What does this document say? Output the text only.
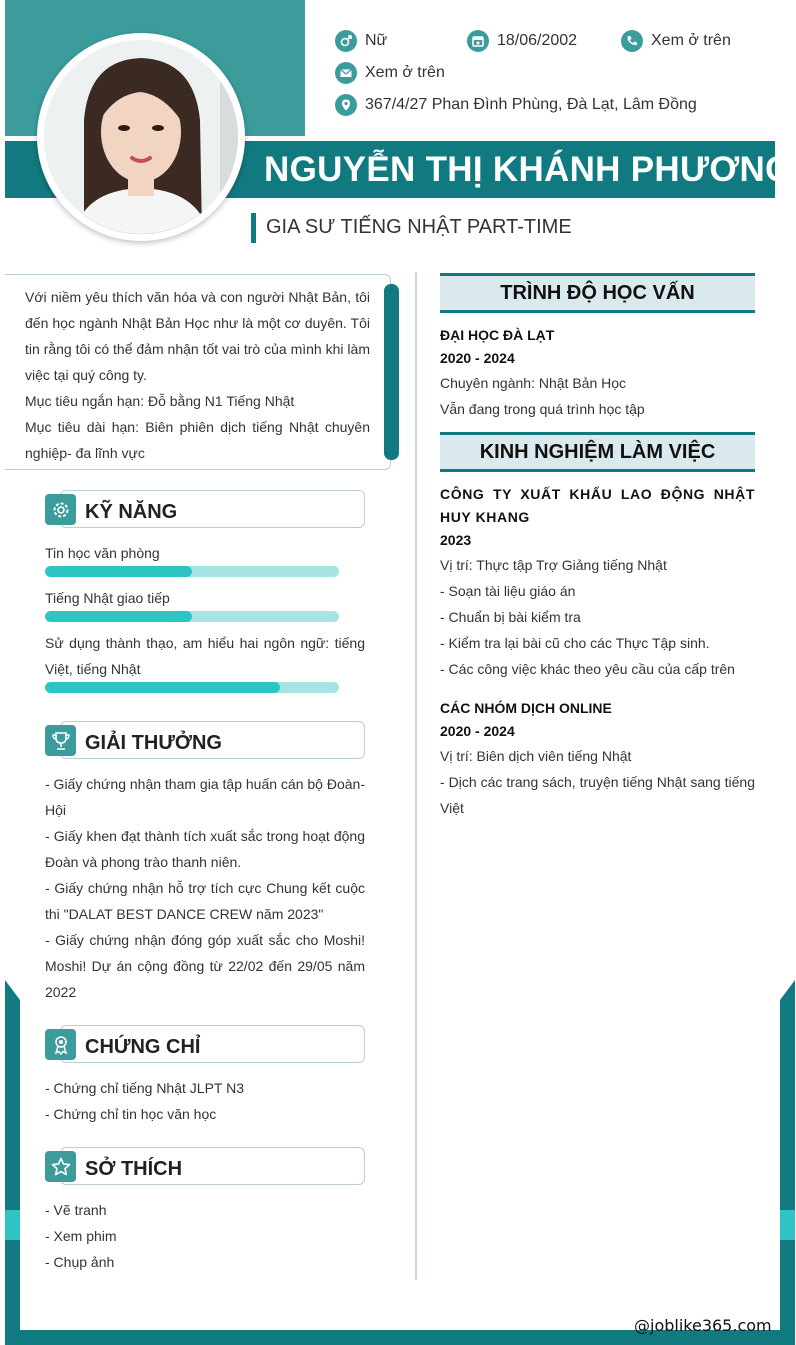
NGUYỄN THỊ KHÁNH PHƯƠNG
GIA SƯ TIẾNG NHẬT PART-TIME
Nữ	18/06/2002	Xem ở trên
Xem ở trên
367/4/27 Phan Đình Phùng, Đà Lạt, Lâm Đồng
Với niềm yêu thích văn hóa và con người Nhật Bản, tôi đến học ngành Nhật Bản Học như là một cơ duyên. Tôi tin rằng tôi có thể đảm nhận tốt vai trò của mình khi làm việc tại quý công ty.
Mục tiêu ngắn hạn: Đỗ bằng N1 Tiếng Nhật
Mục tiêu dài hạn: Biên phiên dịch tiếng Nhật chuyên nghiệp- đa lĩnh vực
KỸ NĂNG
Tin học văn phòng
Tiếng Nhật giao tiếp
Sử dụng thành thạo, am hiểu hai ngôn ngữ: tiếng Việt, tiếng Nhật
GIẢI THƯỞNG
- Giấy chứng nhận tham gia tập huấn cán bộ Đoàn-Hội
- Giấy khen đạt thành tích xuất sắc trong hoạt động Đoàn và phong trào thanh niên.
- Giấy chứng nhận hỗ trợ tích cực Chung kết cuộc thi "DALAT BEST DANCE CREW năm 2023"
- Giấy chứng nhận đóng góp xuất sắc cho Moshi! Moshi! Dự án cộng đồng từ 22/02 đến 29/05 năm 2022
CHỨNG CHỈ
- Chứng chỉ tiếng Nhật JLPT N3
- Chứng chỉ tin học văn học
SỞ THÍCH
- Vẽ tranh
- Xem phim
- Chụp ảnh
TRÌNH ĐỘ HỌC VẤN
ĐẠI HỌC ĐÀ LẠT
2020 - 2024
Chuyên ngành: Nhật Bản Học
Vẫn đang trong quá trình học tập
KINH NGHIỆM LÀM VIỆC
CÔNG TY XUẤT KHẨU LAO ĐỘNG NHẬT HUY KHANG
2023
Vị trí: Thực tập Trợ Giảng tiếng Nhật
- Soạn tài liệu giáo án
- Chuẩn bị bài kiểm tra
- Kiểm tra lại bài cũ cho các Thực Tập sinh.
- Các công việc khác theo yêu cầu của cấp trên
CÁC NHÓM DỊCH ONLINE
2020 - 2024
Vị trí: Biên dịch viên tiếng Nhật
- Dịch các trang sách, truyện tiếng Nhật sang tiếng Việt
@joblike365.com
